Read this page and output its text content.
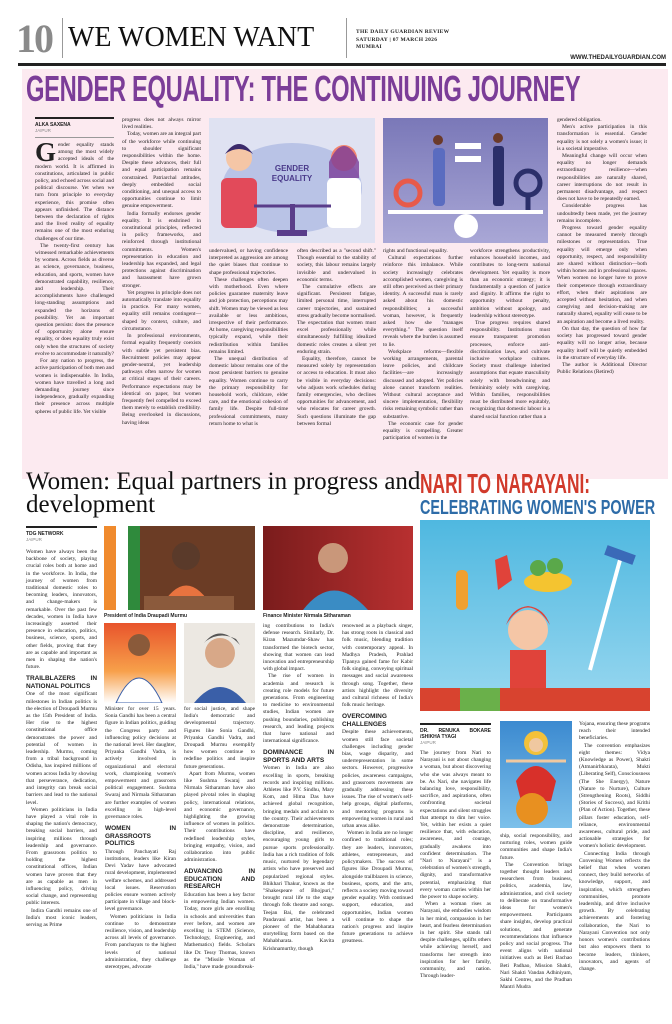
10 WE WOMEN WANT	THE DAILY GUARDIAN REVIEW
SATURDAY | 07 MARCH 2026
MUMBAI
WWW.THEDAILYGUARDIAN.COM
GENDER EQUALITY: THE CONTINUING JOURNEY
ALKA SAXENA
JAIPUR
G ender equality stands among the most widely accepted ideals of the modern world. It is affirmed in constitutions, articulated in public policy, and echoed across social and political discourse. Yet when we turn from principle to everyday experience, this promise often appears unfinished. The distance between the declaration of rights and the lived reality of equality remains one of the most enduring challenges of our time.

The twenty-first century has witnessed remarkable achievements by women. Across fields as diverse as science, governance, business, education, and sports, women have demonstrated capability, resilience, and leadership. Their accomplishments have challenged long-standing assumptions and expanded the horizons of possibility. Yet an important question persists: does the presence of opportunity alone ensure equality, or does equality truly exist only when the structures of society evolve to accommodate it naturally?

For any nation to progress, the active participation of both men and women is indispensable. In India, women have travelled a long and demanding journey since independence, gradually expanding their presence across multiple spheres of public life. Yet visible

progress does not always mirror lived realities.

Today, women are an integral part of the workforce while continuing to shoulder significant responsibilities within the home. Despite these advances, their full and equal participation remains constrained. Patriarchal attitudes, deeply embedded social conditioning, and unequal access to opportunities continue to limit genuine empowerment.

India formally endorses gender equality. It is enshrined in constitutional principles, reflected in policy frameworks, and reinforced through institutional commitments. Women's representation in education and leadership has expanded, and legal protections against discrimination and harassment have grown stronger.

Yet progress in principle does not automatically translate into equality in practice. For many women, equality still remains contingent—shaped by context, culture, and circumstance.

In professional environments, formal equality frequently coexists with subtle yet persistent bias. Recruitment policies may appear gender-neutral, yet leadership pathways often narrow for women at critical stages of their careers. Performance expectations may be identical on paper, but women frequently feel compelled to exceed them merely to establish credibility. Being overlooked in discussions, having ideas

GENDER EQUALITY

undervalued, or having confidence interpreted as aggression are among the quiet biases that continue to shape professional trajectories.

These challenges often deepen with motherhood. Even where policies guarantee maternity leave and job protection, perceptions may shift. Women may be viewed as less available or less ambitious, irrespective of their performance. At home, caregiving responsibilities typically expand, while their redistribution within families remains limited.

The unequal distribution of domestic labour remains one of the most persistent barriers to genuine equality. Women continue to carry the primary responsibility for household work, childcare, elder care, and the emotional cohesion of family life. Despite full-time professional commitments, many return home to what is

often described as a "second shift." Though essential to the stability of society, this labour remains largely invisible and undervalued in economic terms.

The cumulative effects are significant. Persistent fatigue, limited personal time, interrupted career trajectories, and sustained stress gradually become normalised. The expectation that women must excel professionally while simultaneously fulfilling idealized domestic roles creates a silent yet enduring strain.

Equality, therefore, cannot be measured solely by representation or access to education. It must also be visible in everyday decisions: who adjusts work schedules during family emergencies, who declines opportunities for advancement, and who relocates for career growth. Such questions illuminate the gap between formal

rights and functional equality.

Cultural expectations further reinforce this imbalance. While society increasingly celebrates accomplished women, caregiving is still often perceived as their primary identity. A successful man is rarely asked about his domestic responsibilities; a successful woman, however, is frequently asked how she "manages everything." The question itself reveals where the burden is assumed to lie.

Workplace reforms—flexible working arrangements, parental leave policies, and childcare facilities—are increasingly discussed and adopted. Yet policies alone cannot transform realities. Without cultural acceptance and sincere implementation, flexibility risks remaining symbolic rather than substantive.

The economic case for gender equality is compelling. Greater participation of women in the

workforce strengthens productivity, enhances household incomes, and contributes to long-term national development. Yet equality is more than an economic strategy; it is fundamentally a question of justice and dignity. It affirms the right to opportunity without penalty, ambition without apology, and leadership without stereotype.

True progress requires shared responsibility. Institutions must ensure transparent promotion processes, enforce anti-discrimination laws, and cultivate inclusive workplace cultures. Society must challenge inherited assumptions that equate masculinity solely with breadwinning and femininity solely with caregiving. Within families, responsibilities must be distributed more equitably, recognizing that domestic labour is a shared social function rather than a

gendered obligation.

Men's active participation in this transformation is essential. Gender equality is not solely a women's issue; it is a societal imperative.

Meaningful change will occur when equality no longer demands extraordinary resilience—when responsibilities are naturally shared, career interruptions do not result in permanent disadvantage, and respect does not have to be repeatedly earned.

Considerable progress has undoubtedly been made, yet the journey remains incomplete.

Progress toward gender equality cannot be measured merely through milestones or representation. True equality will emerge only when opportunity, respect, and responsibility are shared without distinction—both within homes and in professional spaces. When women no longer have to prove their competence through extraordinary effort, when their aspirations are accepted without hesitation, and when caregiving and decision-making are naturally shared, equality will cease to be an aspiration and become a lived reality.

On that day, the question of how far society has progressed toward gender equality will no longer arise, because equality itself will be quietly embedded in the structure of everyday life.

The author is Additional Director Public Relations (Retired)

Women: Equal partners in progress and development
TDG NETWORK
JAIPUR

Women have always been the backbone of society, playing crucial roles both at home and in the workforce. In India, the journey of women from traditional domestic roles to becoming leaders, innovators, and change-makers is remarkable. Over the past few decades, women in India have increasingly asserted their presence in education, politics, business, science, sports, and other fields, proving that they are as capable and important as men in shaping the nation's future.

TRAILBLAZERS IN NATIONAL POLITICS

One of the most significant milestones in Indian politics is the election of Droupadi Murmu as the 15th President of India. Her rise to the highest constitutional office demonstrates the power and potential of women in leadership. Murmu, coming from a tribal background in Odisha, has inspired millions of women across India by showing that perseverance, dedication, and integrity can break social barriers and lead to the national level.

Women politicians in India have played a vital role in shaping the nation's democracy, breaking social barriers, and inspiring millions through leadership and governance. From grassroots politics to holding the highest constitutional offices, Indian women have proven that they are as capable as men in influencing policy, driving social change, and representing public interests.

Indira Gandhi remains one of India's most iconic leaders, serving as Prime

President of India Draupadi Murmu	Finance Minister Nirmala Sitharaman

Minister for over 15 years. Sonia Gandhi has been a central figure in Indian politics, guiding the Congress party and influencing policy decisions at the national level. Her daughter, Priyanka Gandhi Vadra, is actively involved in organizational and electoral work, championing women's empowerment and grassroots political engagement. Sushma Swaraj and Nirmala Sitharaman are further examples of women excelling in high-level governance roles.

WOMEN IN GRASSROOTS POLITICS

Through Panchayati Raj institutions, leaders like Kiran Devi Yadav have advocated rural development, implemented welfare schemes, and addressed local issues. Reservation policies ensure women actively participate in village and block-level governance.

Women politicians in India continue to demonstrate resilience, vision, and leadership across all levels of governance. From panchayats to the highest levels of national administration, they challenge stereotypes, advocate

for social justice, and shape India's democratic and developmental trajectory. Figures like Sonia Gandhi, Priyanka Gandhi Vadra, and Droupadi Murmu exemplify how women continue to redefine politics and inspire future generations.

Apart from Murmu, women like Sushma Swaraj and Nirmala Sitharaman have also played pivotal roles in shaping policy, international relations, and economic governance, highlighting the growing influence of women in politics. Their contributions have redefined leadership styles, bringing empathy, vision, and collaboration into public administration.

ADVANCING IN EDUCATION AND RESEARCH

Education has been a key factor in empowering Indian women. Today, more girls are enrolling in schools and universities than ever before, and women are excelling in STEM (Science, Technology, Engineering, and Mathematics) fields. Scholars like Dr. Tessy Thomas, known as the "Missile Woman of India," have made groundbreak-

ing contributions to India's defense research. Similarly, Dr. Kiran Mazumdar-Shaw has transformed the biotech sector, showing that women can lead innovation and entrepreneurship with global impact.

The rise of women in academia and research is creating role models for future generations. From engineering to medicine to environmental studies, Indian women are pushing boundaries, publishing research, and leading projects that have national and international significance.

DOMINANCE IN SPORTS AND ARTS

Women in India are also excelling in sports, breaking records and inspiring millions. Athletes like P.V. Sindhu, Mary Kom, and Hima Das have achieved global recognition, bringing medals and acclaim to the country. Their achievements demonstrate determination, discipline, and resilience, encouraging young girls to pursue sports professionally. India has a rich tradition of folk music, nurtured by legendary artists who have preserved and popularized regional styles. Bhikhari Thakur, known as the "Shakespeare of Bhojpuri," brought rural life to the stage through folk theatre and songs. Teejan Bai, the celebrated Pandavani artist, has been a pioneer of the Mahabharata storytelling form based on the Mahabharata. Kavita Krishnamurthy, though

renowned as a playback singer, has strong roots in classical and folk music, blending tradition with contemporary appeal. In Madhya Pradesh, Prahlad Tipanya gained fame for Kabir folk singing, conveying spiritual messages and social awareness through song. Together, these artists highlight the diversity and cultural richness of India's folk music heritage.

OVERCOMING CHALLENGES

Despite these achievements, women still face societal challenges including gender bias, wage disparity, and underrepresentation in some sectors. However, progressive policies, awareness campaigns, and grassroots movements are gradually addressing these issues. The rise of women's self-help groups, digital platforms, and mentoring programs is empowering women in rural and urban areas alike.

Women in India are no longer confined to traditional roles; they are leaders, innovators, athletes, entrepreneurs, and policymakers. The success of figures like Droupadi Murmu, alongside trailblazers in science, business, sports, and the arts, reflects a society moving toward gender equality. With continued support, education, and opportunities, Indian women will continue to shape the nation's progress and inspire future generations to achieve greatness.

NARI TO NARAYANI:
CELEBRATING WOMEN'S POWER
DR. RENUKA BOKARE /SHIKHA TYAGI
JAIPUR

The journey from Nari to Narayani is not about changing a woman, but about discovering who she was always meant to be. As Nari, she navigates life balancing love, responsibility, sacrifice, and aspirations, often confronting societal expectations and silent struggles that attempt to dim her voice. Yet, within her exists a quiet resilience that, with education, awareness, and courage, gradually awakens into confident determination. The "Nari to Narayani" is a celebration of women's strength, dignity, and transformative potential, emphasizing that every woman carries within her the power to shape society.

When a woman rises as Narayani, she embodies wisdom in her mind, compassion in her heart, and fearless determination in her spirit. She stands tall despite challenges, uplifts others while achieving herself, and transforms her strength into inspiration for her family, community, and nation. Through leader-

ship, social responsibility, and nurturing roles, women guide communities and shape India's future.

The Convention brings together thought leaders and researchers from business, politics, academia, law, administration, and civil society to deliberate on transformative ideas for women's empowerment. Participants share insights, develop practical solutions, and generate recommendations that influence policy and social progress. The event aligns with national initiatives such as Beti Bachao Beti Padhao, Mission Shakti, Nari Shakti Vandan Adhiniyam, Sakhi Centres, and the Pradhan Mantri Mudra

Yojana, ensuring these programs reach their intended beneficiaries.

The convention emphasizes eight themes: Vidya (Knowledge as Power), Shakti (Atmanirbharata), Mukti (Liberating Self), Consciousness (The She Energy), Nature (Nature to Nurture), Culture (Strengthening Roots), Siddhi (Stories of Success), and Krithi (Plan of Action). Together, these pillars foster education, self-reliance, environmental awareness, cultural pride, and actionable strategies for women's holistic development.

Connecting India through Convening Women reflects the belief that when women connect, they build networks of knowledge, support, and inspiration, which strengthen communities, promote leadership, and drive inclusive growth. By celebrating achievements and fostering collaboration, the Nari to Narayani Convention not only honors women's contributions but also empowers them to become leaders, thinkers, innovators, and agents of change.
